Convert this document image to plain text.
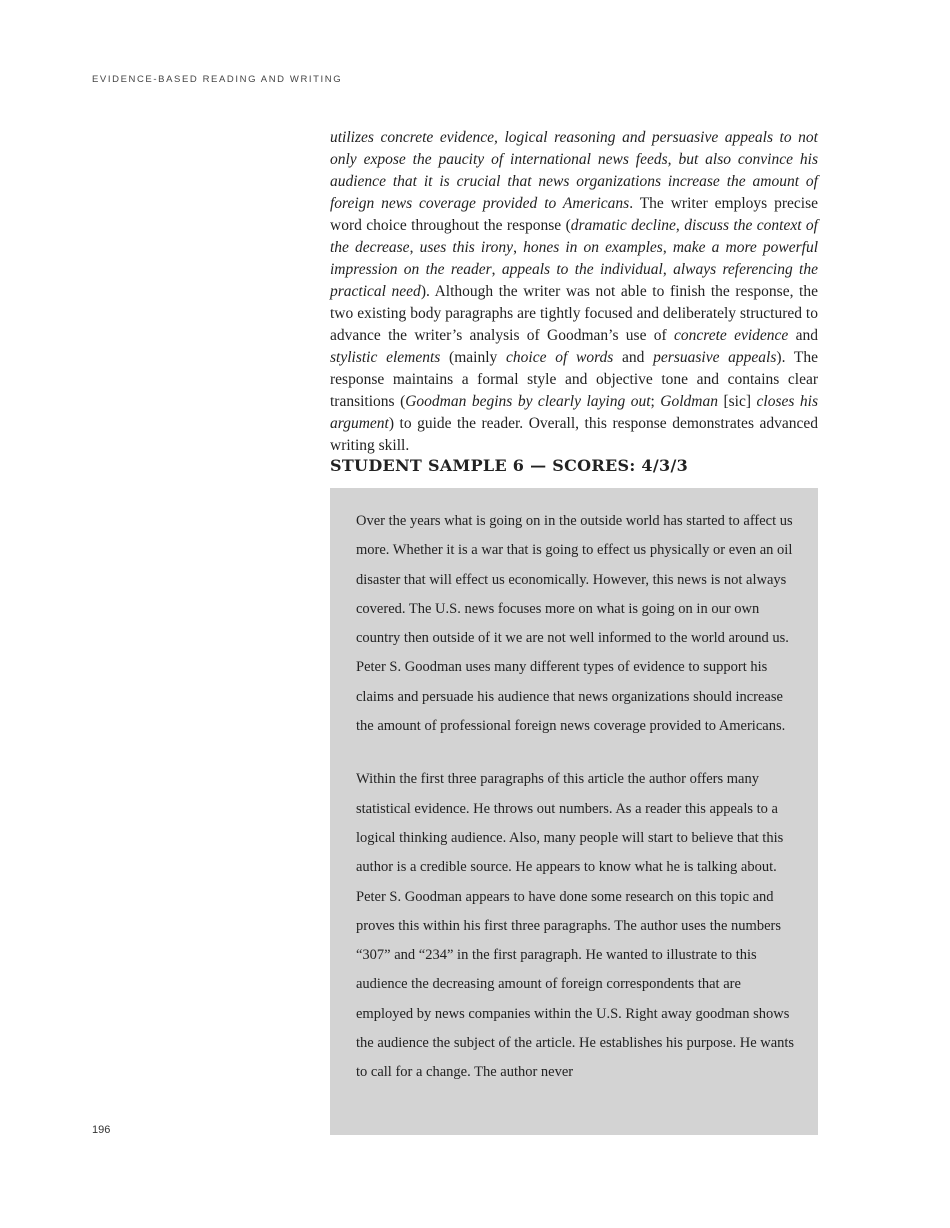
EVIDENCE-BASED READING AND WRITING

utilizes concrete evidence, logical reasoning and persuasive appeals to not only expose the paucity of international news feeds, but also convince his audience that it is crucial that news organizations increase the amount of foreign news coverage provided to Americans. The writer employs precise word choice throughout the response (dramatic decline, discuss the context of the decrease, uses this irony, hones in on examples, make a more powerful impression on the reader, appeals to the individual, always referencing the practical need). Although the writer was not able to finish the response, the two existing body paragraphs are tightly focused and deliberately structured to advance the writer’s analysis of Goodman’s use of concrete evidence and stylistic elements (mainly choice of words and persuasive appeals). The response maintains a formal style and objective tone and contains clear transitions (Goodman begins by clearly laying out; Goldman [sic] closes his argument) to guide the reader. Overall, this response demonstrates advanced writing skill.

STUDENT SAMPLE 6 — SCORES: 4/3/3

Over the years what is going on in the outside world has started to affect us more. Whether it is a war that is going to effect us physically or even an oil disaster that will effect us economically. However, this news is not always covered. The U.S. news focuses more on what is going on in our own country then outside of it we are not well informed to the world around us. Peter S. Goodman uses many different types of evidence to support his claims and persuade his audience that news organizations should increase the amount of professional foreign news coverage provided to Americans.

Within the first three paragraphs of this article the author offers many statistical evidence. He throws out numbers. As a reader this appeals to a logical thinking audience. Also, many people will start to believe that this author is a credible source. He appears to know what he is talking about. Peter S. Goodman appears to have done some research on this topic and proves this within his first three paragraphs. The author uses the numbers “307” and “234” in the first paragraph. He wanted to illustrate to this audience the decreasing amount of foreign correspondents that are employed by news companies within the U.S. Right away goodman shows the audience the subject of the article. He establishes his purpose. He wants to call for a change. The author never

196
